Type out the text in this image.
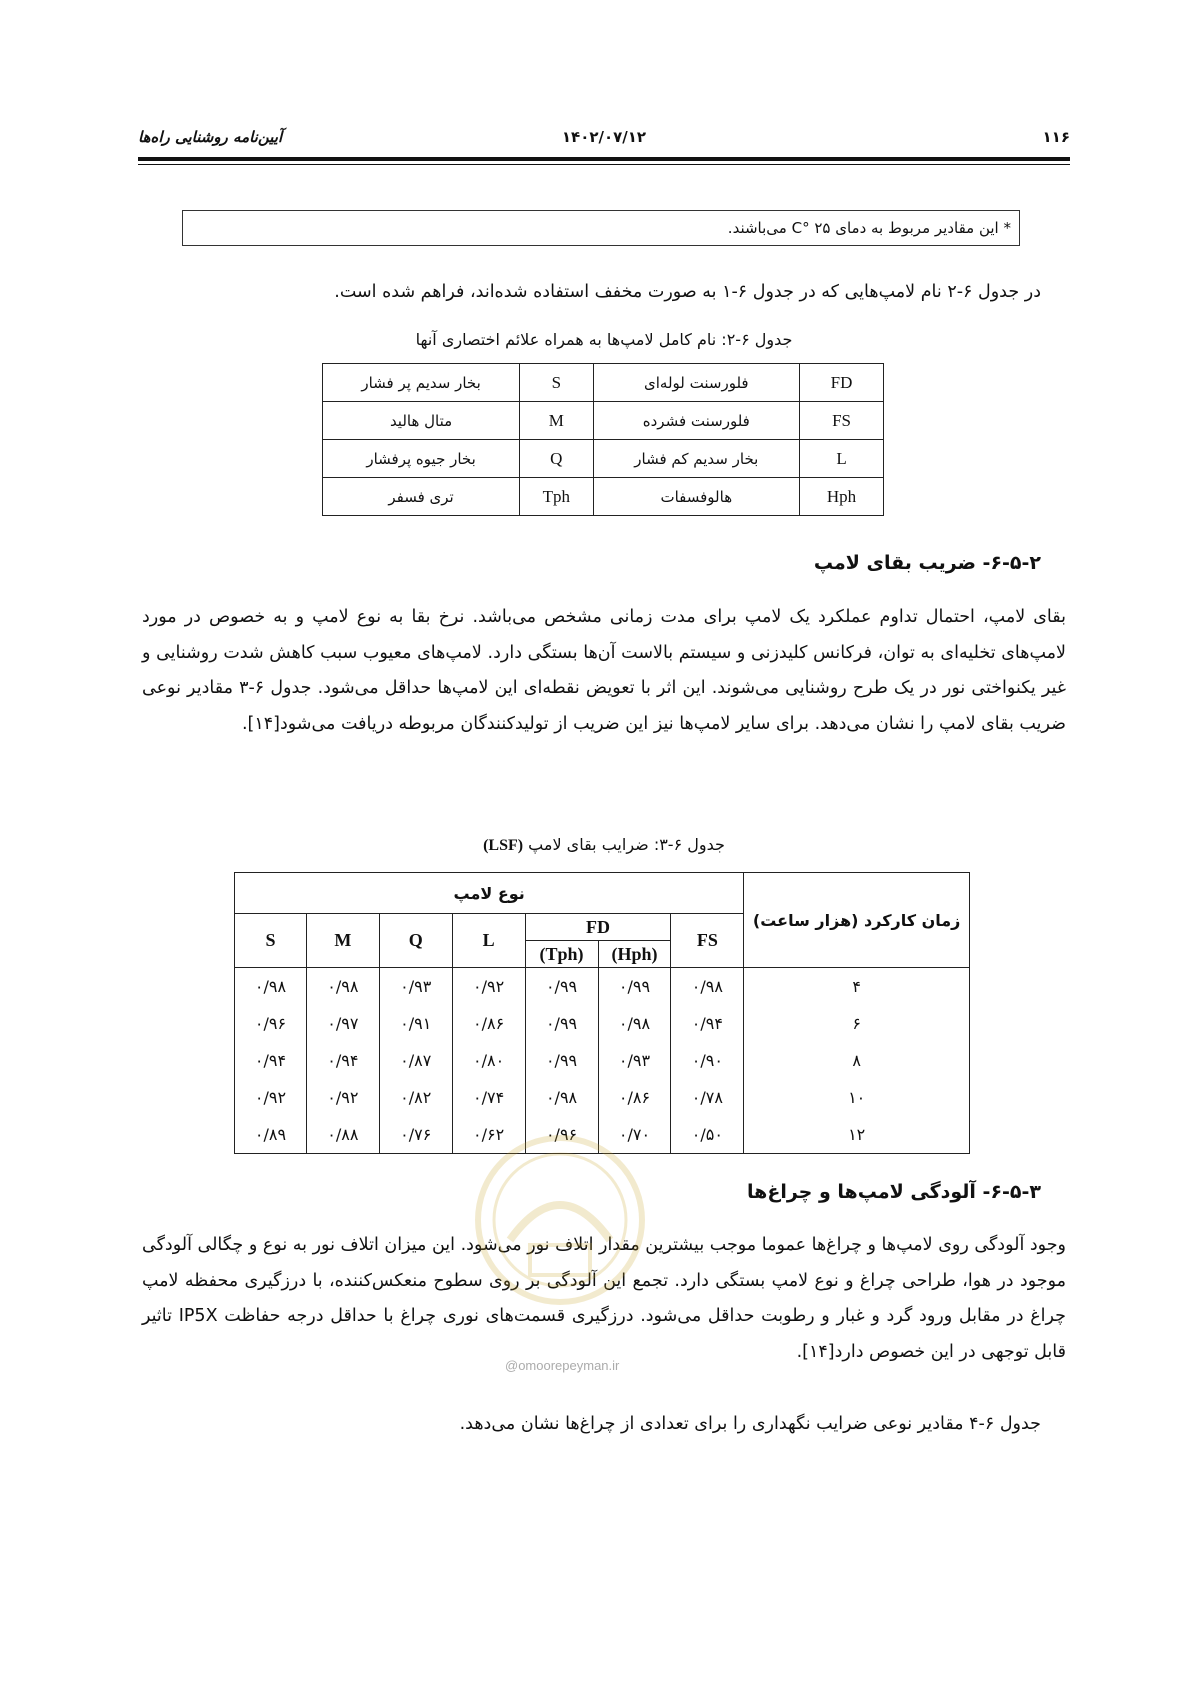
۱۱۶
۱۴۰۲/۰۷/۱۲
آیین‌نامه روشنایی راه‌ها
* این مقادیر مربوط به دمای C° ۲۵ می‌باشند.
در جدول ۶-۲ نام لامپ‌هایی که در جدول ۶-۱ به صورت مخفف استفاده شده‌اند، فراهم شده است.
جدول ۶-۲: نام کامل لامپ‌ها به همراه علائم اختصاری آنها
بخار سدیم پر فشار	S	فلورسنت لوله‌ای	FD
متال هالید	M	فلورسنت فشرده	FS
بخار جیوه پرفشار	Q	بخار سدیم کم فشار	L
تری فسفر	Tph	هالوفسفات	Hph
۶-۵-۲- ضریب بقای لامپ
بقای لامپ، احتمال تداوم عملکرد یک لامپ برای مدت زمانی مشخص می‌باشد. نرخ بقا به نوع لامپ و به خصوص در مورد لامپ‌های تخلیه‌ای به توان، فرکانس کلیدزنی و سیستم بالاست آن‌ها بستگی دارد. لامپ‌های معیوب سبب کاهش شدت روشنایی و غیر یکنواختی نور در یک طرح روشنایی می‌شوند. این اثر با تعویض نقطه‌ای این لامپ‌ها حداقل می‌شود. جدول ۶-۳ مقادیر نوعی ضریب بقای لامپ را نشان می‌دهد. برای سایر لامپ‌ها نیز این ضریب از تولیدکنندگان مربوطه دریافت می‌شود[۱۴].
جدول ۶-۳: ضرایب بقای لامپ (LSF)
نوع لامپ							زمان کارکرد (هزار ساعت)
S	M	Q	L	FD		FS	
				(Tph)	(Hph)		
۰/۹۸	۰/۹۸	۰/۹۳	۰/۹۲	۰/۹۹	۰/۹۹	۰/۹۸	۴
۰/۹۶	۰/۹۷	۰/۹۱	۰/۸۶	۰/۹۹	۰/۹۸	۰/۹۴	۶
۰/۹۴	۰/۹۴	۰/۸۷	۰/۸۰	۰/۹۹	۰/۹۳	۰/۹۰	۸
۰/۹۲	۰/۹۲	۰/۸۲	۰/۷۴	۰/۹۸	۰/۸۶	۰/۷۸	۱۰
۰/۸۹	۰/۸۸	۰/۷۶	۰/۶۲	۰/۹۶	۰/۷۰	۰/۵۰	۱۲
۶-۵-۳- آلودگی لامپ‌ها و چراغ‌ها
وجود آلودگی روی لامپ‌ها و چراغ‌ها عموما موجب بیشترین مقدار اتلاف نور می‌شود. این میزان اتلاف نور به نوع و چگالی آلودگی موجود در هوا، طراحی چراغ و نوع لامپ بستگی دارد. تجمع این آلودگی بر روی سطوح منعکس‌کننده، با درزگیری محفظه لامپ چراغ در مقابل ورود گرد و غبار و رطوبت حداقل می‌شود. درزگیری قسمت‌های نوری چراغ با حداقل درجه حفاظت IP5X تاثیر قابل توجهی در این خصوص دارد[۱۴].
جدول ۶-۴ مقادیر نوعی ضرایب نگهداری را برای تعدادی از چراغ‌ها نشان می‌دهد.
@omoorepeyman.ir
